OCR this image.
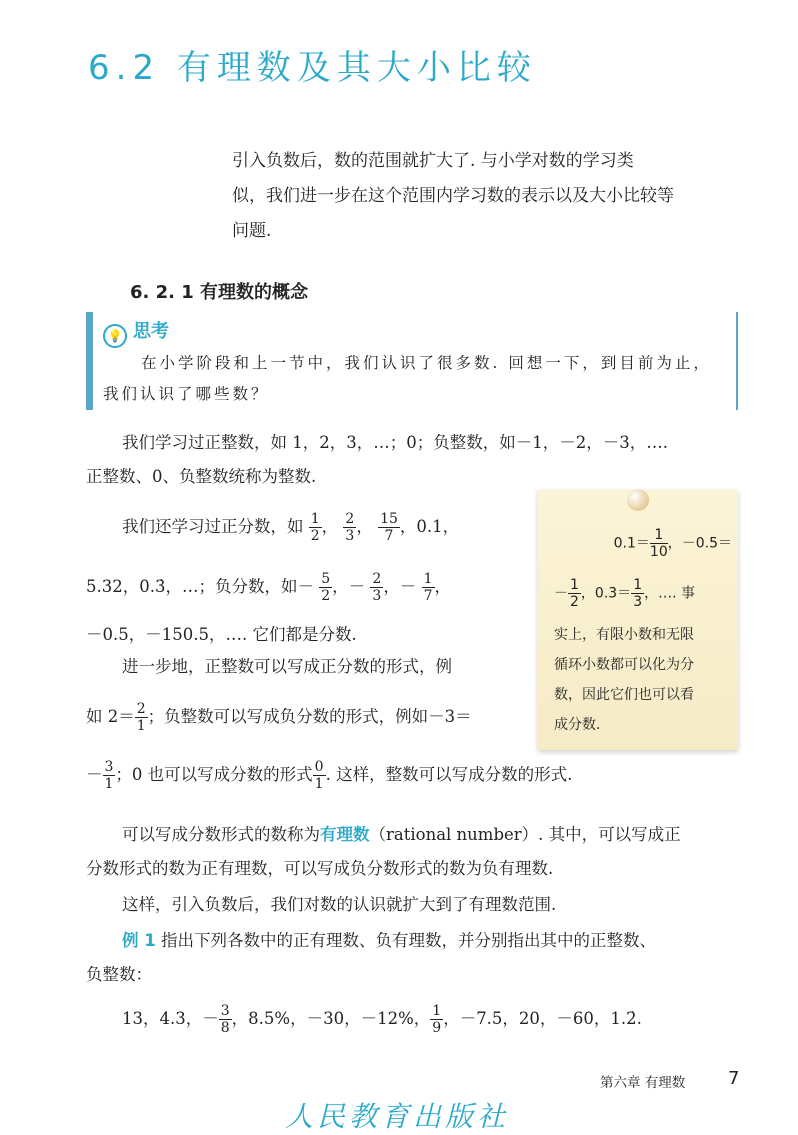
6.2 有理数及其大小比较
引入负数后，数的范围就扩大了. 与小学对数的学习类
似，我们进一步在这个范围内学习数的表示以及大小比较等
问题.
6. 2. 1 有理数的概念
💡 思考
在小学阶段和上一节中，我们认识了很多数. 回想一下，到目前为止，我们认识了哪些数？
我们学习过正整数，如 1，2，3，…；0；负整数，如－1，－2，－3，….
正整数、0、负整数统称为整数.
我们还学习过正分数，如 $\frac{1}{2}$ ， $\frac{2}{3}$ ， $\frac{15}{7}$ ，0.1，
5.32，0.3̇，…；负分数，如－ $\frac{5}{2}$ ，－ $\frac{2}{3}$ ，－ $\frac{1}{7}$ ，
－0.5，－150.5，…. 它们都是分数.
进一步地，正整数可以写成正分数的形式，例
如 $2= \frac{2}{1}$ ；负整数可以写成负分数的形式，例如－3＝
－ $\frac{3}{1}$ ；0 也可以写成分数的形式 $\frac{0}{1}$ . 这样，整数可以写成分数的形式.
$0.1= \frac{1}{10}$ ，－0.5＝
－ $\frac{1}{2}$ ，0.3̇＝ $\frac{1}{3}$ ，…. 事
实上，有限小数和无限
循环小数都可以化为分
数，因此它们也可以看
成分数.
可以写成分数形式的数称为有理数（rational number）. 其中，可以写成正
分数形式的数为正有理数，可以写成负分数形式的数为负有理数.
这样，引入负数后，我们对数的认识就扩大到了有理数范围.
例 1 指出下列各数中的正有理数、负有理数，并分别指出其中的正整数、
负整数：
13，4.3，－ $\frac{3}{8}$ ，8.5%，－30，－12%， $\frac{1}{9}$ ，－7.5，20，－60，1.2̇.
第六章 有理数 7
人民教育出版社
